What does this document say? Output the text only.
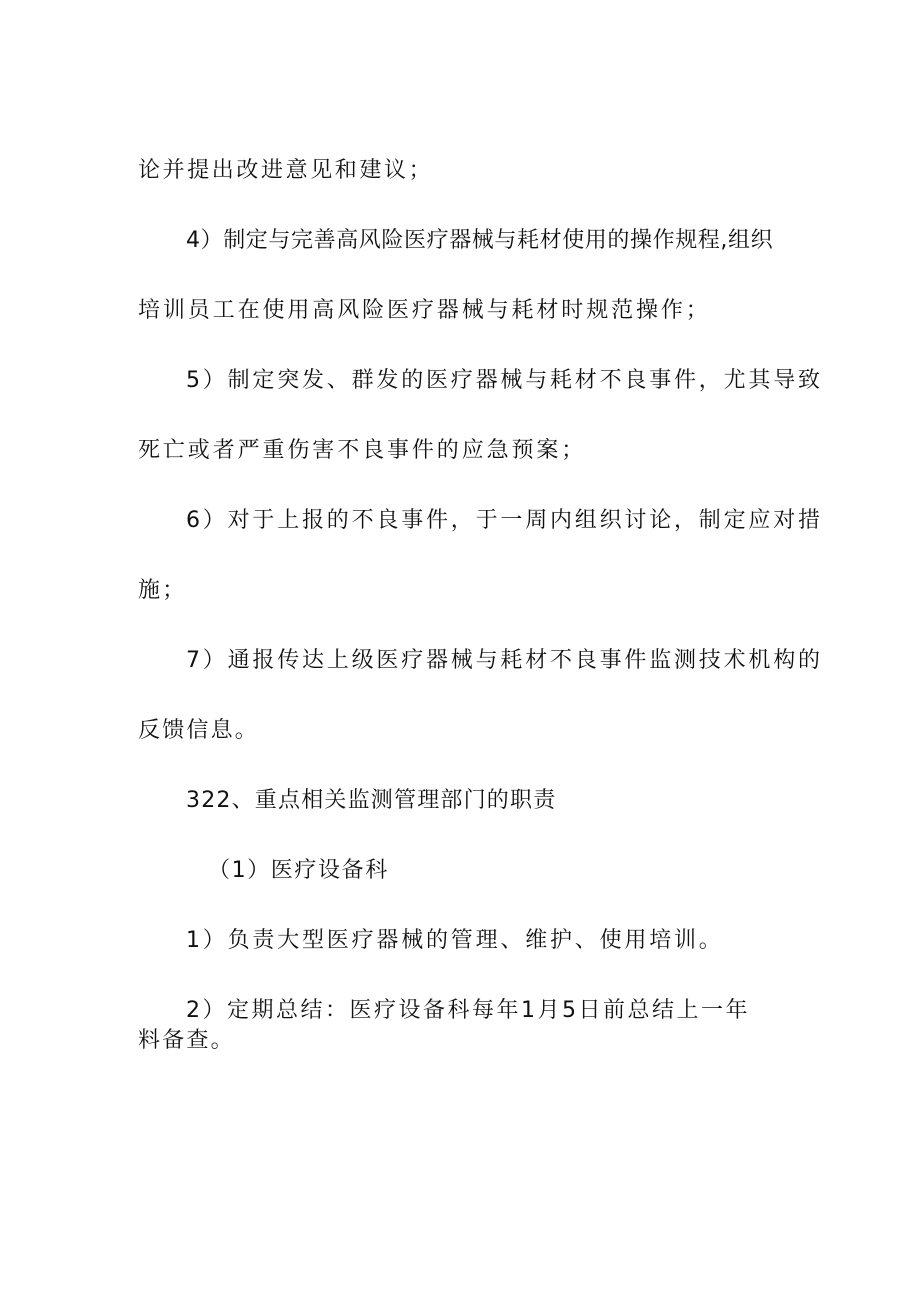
论并提出改进意见和建议；
4）制定与完善高风险医疗器械与耗材使用的操作规程,组织
培训员工在使用高风险医疗器械与耗材时规范操作；
5）制定突发、群发的医疗器械与耗材不良事件，尤其导致
死亡或者严重伤害不良事件的应急预案；
6）对于上报的不良事件，于一周内组织讨论，制定应对措
施；
7）通报传达上级医疗器械与耗材不良事件监测技术机构的
反馈信息。
322、重点相关监测管理部门的职责
（1）医疗设备科
1）负责大型医疗器械的管理、维护、使用培训。
2）定期总结：医疗设备科每年1月5日前总结上一年
料备查。
